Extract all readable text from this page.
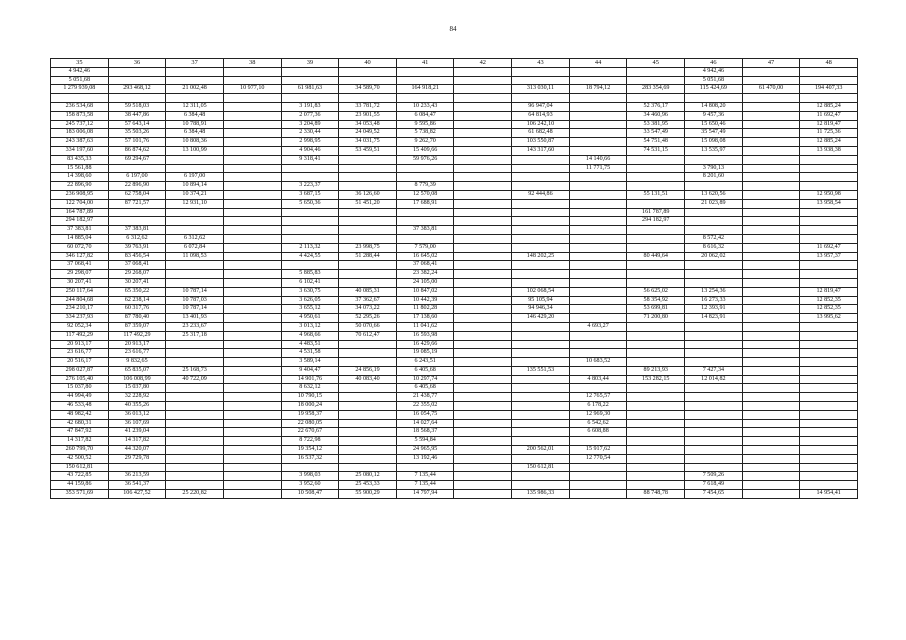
84
35	36	37	38	39	40	41	42	43	44	45	46	47	48
4 942,46											4 942,46		
5 051,68											5 051,68		
1 279 939,08	293 468,12	21 002,48	10 977,10	61 981,63	34 589,70	164 918,21		313 030,11	18 794,12	283 354,69	115 424,69	61 470,00	194 407,33

236 534,68	59 518,03	12 311,05		3 191,83	33 781,72	10 233,43		96 947,04		52 376,17	14 808,20		12 885,24
158 873,58	38 447,86	6 384,48		2 077,36	23 901,55	6 084,47		64 814,93		34 460,96	9 457,36		11 692,47
245 737,12	57 643,14	10 788,91		3 204,89	34 053,48	9 595,86		106 242,10		53 381,95	15 650,46		12 819,47
183 006,08	35 503,26	6 384,48		2 330,44	24 049,52	5 738,82		61 682,48		33 547,49	35 547,49		11 725,36
243 387,63	57 101,76	10 808,36		2 998,95	34 031,75	9 262,70		103 550,87		54 751,48	15 098,08		12 885,24
334 197,60	86 874,62	13 100,99		4 904,46	53 459,51	15 409,66		143 317,60		74 531,15	13 535,97		13 938,38
83 435,33	69 294,67			9 318,41		59 976,26			14 140,66				
15 561,88									11 771,75		3 790,13		
14 398,60	6 197,00	6 197,00									8 201,60		
22 896,90	22 896,90	10 894,14		3 223,37		8 779,39							
236 908,95	62 758,04	10 374,21		3 687,15	36 126,60	12 570,08		92 444,86		55 131,51	13 620,56		12 950,98
122 704,00	87 721,57	12 931,10		5 650,36	51 451,20	17 688,91					21 023,89		13 958,54
164 787,89										161 787,89			
294 182,97										294 182,97			
37 383,81	37 383,81					37 383,81							
14 885,04	6 312,62	6 312,62									8 572,42		
60 072,70	39 763,91	6 072,84		2 113,32	23 998,75	7 579,00					8 616,32		11 692,47
346 127,82	83 456,54	11 098,53		4 424,55	51 288,44	16 645,02		148 202,25		80 449,64	20 062,02		13 957,37
37 068,41	37 068,41					37 068,41							
29 298,07	29 268,07			5 885,83		23 382,24							
30 207,41	30 207,41			6 102,41		24 105,00							
250 117,64	65 350,22	10 787,14		3 630,75	40 085,31	10 847,02		102 068,54		56 625,02	13 254,36		12 819,47
244 804,68	62 238,14	10 787,03		3 626,05	37 362,67	10 442,39		95 105,94		58 354,92	16 273,33		12 852,35
234 210,17	60 317,76	10 787,14		3 655,12	34 073,22	11 802,28		94 946,34		53 699,81	12 393,91		12 852,35
334 237,93	87 780,40	13 401,93		4 950,61	52 295,26	17 138,60		146 429,20		71 200,80	14 823,91		13 995,62
92 052,34	87 359,07	23 233,67		3 013,12	50 070,66	11 041,62			4 693,27				
117 492,29	117 492,29	25 317,18		4 968,66	70 612,47	16 593,98							
20 913,17	20 913,17			4 483,51		16 429,66							
23 616,77	23 616,77			4 531,58		19 085,19							
20 516,17	9 832,65			3 589,14		6 243,51			10 683,52				
298 027,87	65 835,07	25 168,73		9 404,47	24 856,19	6 405,68		135 551,53		89 213,93	7 427,34		
276 105,40	106 008,99	40 722,09		14 901,76	40 083,40	10 297,74			4 803,44	153 282,15	12 014,82		
15 037,80	15 037,80			8 632,12		6 405,68							
44 994,49	32 228,92			10 790,15		21 438,77			12 765,57				
46 533,48	40 355,26			18 000,24		22 355,02			6 178,22				
48 982,42	36 013,12			19 958,37		16 054,75			12 969,30				
42 680,31	36 107,69			22 080,05		14 027,64			6 542,62				
47 847,92	41 239,04			22 670,67		18 568,37			6 608,88				
14 317,82	14 317,82			8 722,98		5 594,84							
260 799,70	44 320,07			19 354,12		24 965,95		200 562,01	15 917,62				
42 500,52	29 729,78			16 537,32		13 192,46			12 770,54				
150 612,81								150 612,81					
43 722,85	36 213,59			3 998,03	25 080,12	7 135,44					7 509,26		
44 159,86	36 541,37			3 952,60	25 453,33	7 135,44					7 618,49		
353 571,69	106 427,52	25 220,82		10 508,47	55 900,29	14 797,94		135 986,33		88 748,78	7 454,65		14 954,41
